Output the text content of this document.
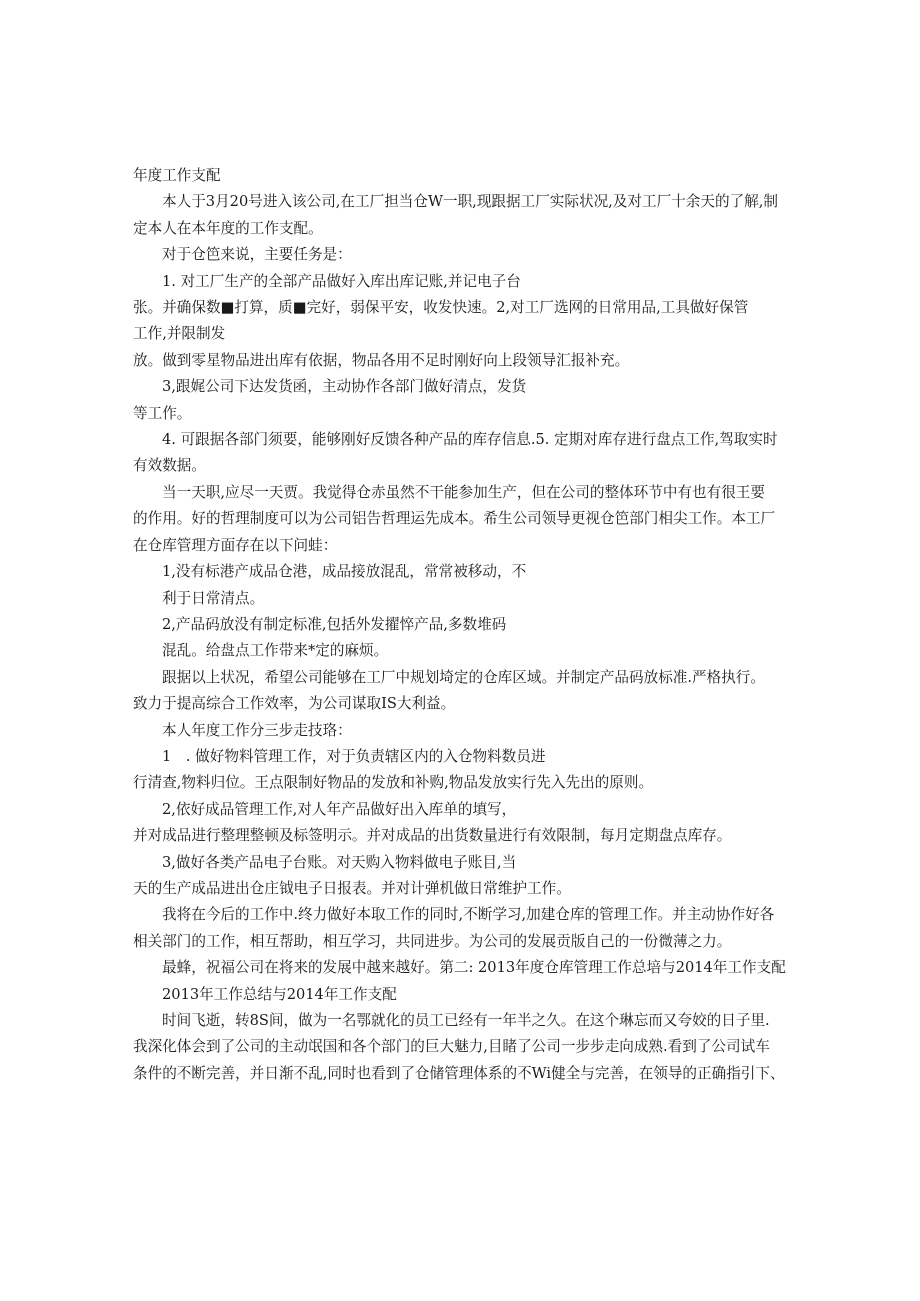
年度工作支配

本人于3月20号进入该公司,在工厂担当仓W一职,现跟据工厂实际状况,及对工厂十余天的了解,制

定本人在本年度的工作支配。

对于仓笆来说，主要任务是：

1. 对工厂生产的全部产品做好入库出库记账,并记电子台

张。并确保数■打算，质■完好，弱保平安，收发快速。2,对工厂选网的日常用品,工具做好保管

工作,并限制发

放。做到零星物品进出库有依据，物品各用不足时刚好向上段领导汇报补充。

3,跟娓公司下达发货函，主动协作各部门做好清点，发货

等工作。

4. 可跟据各部门须要，能够刚好反馈各种产品的库存信息.5. 定期对库存进行盘点工作,驾取实时

有效数据。

当一天职,应尽一天贾。我觉得仓赤虽然不干能参加生产，但在公司的整体环节中有也有很王要

的作用。好的哲理制度可以为公司铝告哲理运先成本。希生公司领导更视仓笆部门相尖工作。本工厂

在仓库管理方面存在以下问蛙：

1,没有标港产成品仓港，成品接放混乱，常常被移动，不

利于日常清点。

2,产品码放没有制定标准,包括外发擢悴产品,多数堆码

混乱。给盘点工作带来*定的麻烦。

跟据以上状况，希望公司能够在工厂中规划埼定的仓库区域。并制定产品码放标准.严格执行。

致力于提高综合工作效率，为公司谋取IS大利益。

本人年度工作分三步走技珞：

1　. 做好物料管理工作，对于负责辖区内的入仓物料数员进

行清查,物料归位。王点限制好物品的发放和补购,物品发放实行先入先出的原则。

2,依好成品管理工作,对人年产品做好出入库单的填写，

并对成品进行整理整顿及标签明示。并对成品的出货数量进行有效限制，每月定期盘点库存。

3,做好各类产品电子台账。对天购入物料做电子账目,当

天的生产成品进出仓庄钺电子日报表。并对计弹机做日常维护工作。

我将在今后的工作中.终力做好本取工作的同时,不断学习,加建仓库的管理工作。并主动协作好各

相关部门的工作，相互帮助，相互学习，共同进步。为公司的发展贡版自己的一份微薄之力。

最蜂，祝福公司在将来的发展中越来越好。第二: 2013年度仓库管理工作总培与2014年工作支配

2013年工作总结与2014年工作支配

时间飞逝，转8S间，做为一名鄂就化的员工已经有一年半之久。在这个琳忘而又夸姣的日子里.

我深化体会到了公司的主动氓国和各个部门的巨大魅力,目睹了公司一步步走向成熟.看到了公司试车

条件的不断完善，并日渐不乱,同时也看到了仓储管理体系的不Wi健全与完善，在领导的正确指引下、
